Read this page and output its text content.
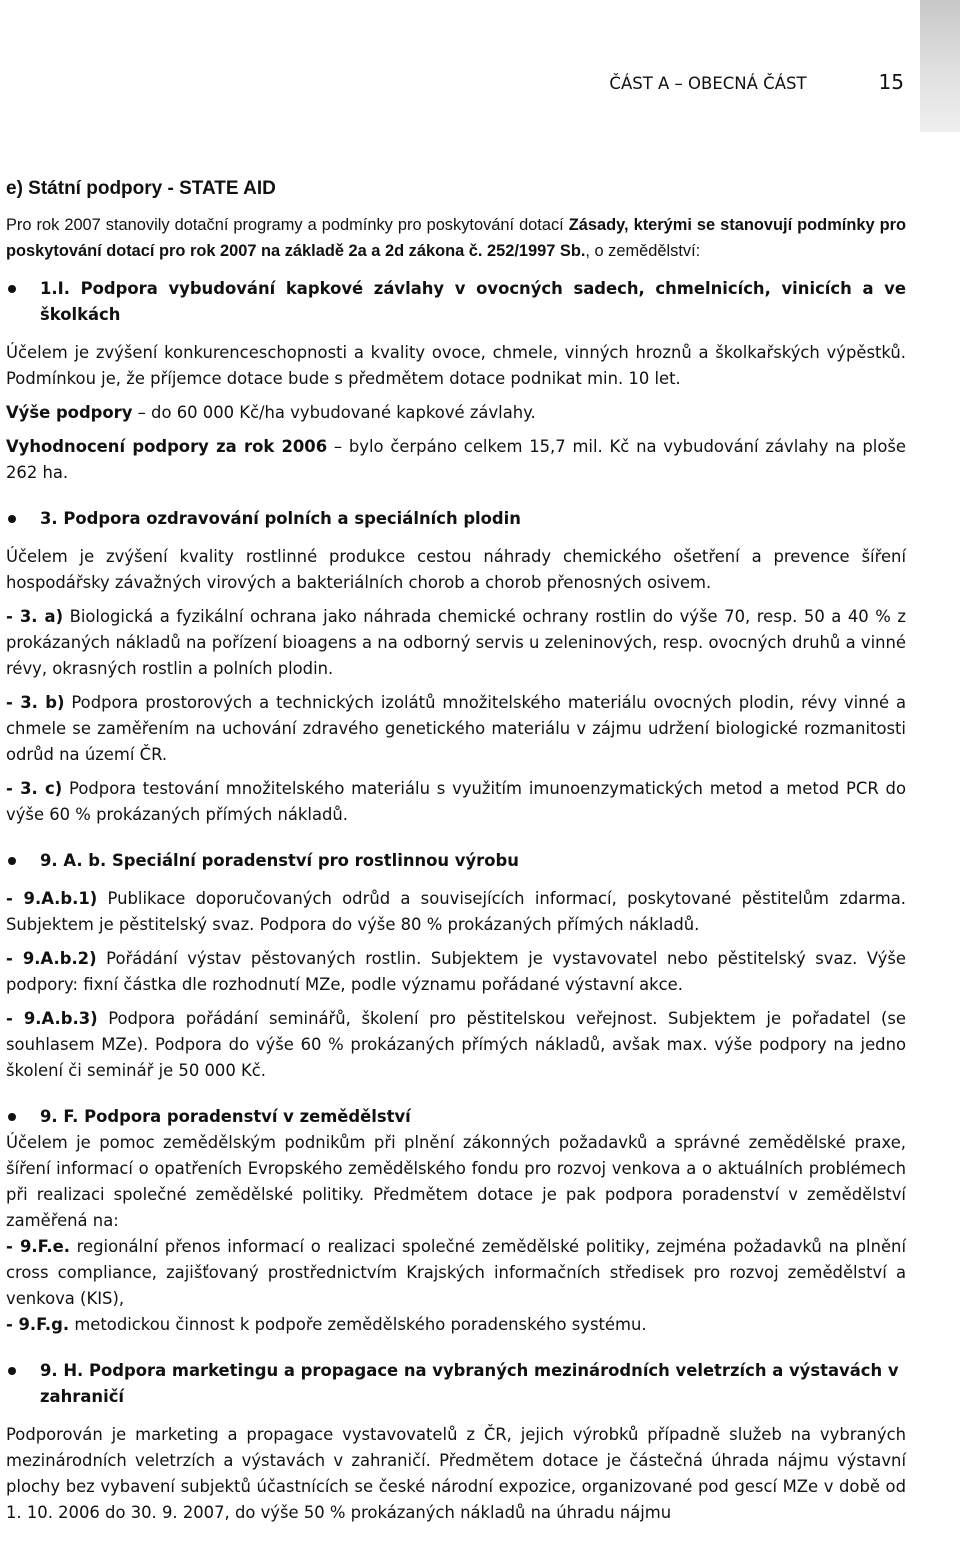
ČÁST A – OBECNÁ ČÁST	15

e) Státní podpory - STATE AID

Pro rok 2007 stanovily dotační programy a podmínky pro poskytování dotací Zásady, kterými se stanovují podmínky pro poskytování dotací pro rok 2007 na základě 2a a 2d zákona č. 252/1997 Sb., o zemědělství:

1.I. Podpora vybudování kapkové závlahy v ovocných sadech, chmelnicích, vinicích a ve školkách

Účelem je zvýšení konkurenceschopnosti a kvality ovoce, chmele, vinných hroznů a školkařských výpěstků. Podmínkou je, že příjemce dotace bude s předmětem dotace podnikat min. 10 let.

Výše podpory – do 60 000 Kč/ha vybudované kapkové závlahy.

Vyhodnocení podpory za rok 2006 – bylo čerpáno celkem 15,7 mil. Kč na vybudování závlahy na ploše 262 ha.

3. Podpora ozdravování polních a speciálních plodin

Účelem je zvýšení kvality rostlinné produkce cestou náhrady chemického ošetření a prevence šíření hospodářsky závažných virových a bakteriálních chorob a chorob přenosných osivem.

- 3. a) Biologická a fyzikální ochrana jako náhrada chemické ochrany rostlin do výše 70, resp. 50 a 40 % z prokázaných nákladů na pořízení bioagens a na odborný servis u zeleninových, resp. ovocných druhů a vinné révy, okrasných rostlin a polních plodin.

- 3. b) Podpora prostorových a technických izolátů množitelského materiálu ovocných plodin, révy vinné a chmele se zaměřením na uchování zdravého genetického materiálu v zájmu udržení biologické rozmanitosti odrůd na území ČR.

- 3. c) Podpora testování množitelského materiálu s využitím imunoenzymatických metod a metod PCR do výše 60 % prokázaných přímých nákladů.

9. A. b. Speciální poradenství pro rostlinnou výrobu

- 9.A.b.1) Publikace doporučovaných odrůd a souvisejících informací, poskytované pěstitelům zdarma. Subjektem je pěstitelský svaz. Podpora do výše 80 % prokázaných přímých nákladů.

- 9.A.b.2) Pořádání výstav pěstovaných rostlin. Subjektem je vystavovatel nebo pěstitelský svaz. Výše podpory: fixní částka dle rozhodnutí MZe, podle významu pořádané výstavní akce.

- 9.A.b.3) Podpora pořádání seminářů, školení pro pěstitelskou veřejnost. Subjektem je pořadatel (se souhlasem MZe). Podpora do výše 60 % prokázaných přímých nákladů, avšak max. výše podpory na jedno školení či seminář je 50 000 Kč.

9. F. Podpora poradenství v zemědělství

Účelem je pomoc zemědělským podnikům při plnění zákonných požadavků a správné zemědělské praxe, šíření informací o opatřeních Evropského zemědělského fondu pro rozvoj venkova a o aktuálních problémech při realizaci společné zemědělské politiky. Předmětem dotace je pak podpora poradenství v zemědělství zaměřená na:

- 9.F.e. regionální přenos informací o realizaci společné zemědělské politiky, zejména požadavků na plnění cross compliance, zajišťovaný prostřednictvím Krajských informačních středisek pro rozvoj zemědělství a venkova (KIS),

- 9.F.g. metodickou činnost k podpoře zemědělského poradenského systému.

9. H. Podpora marketingu a propagace na vybraných mezinárodních veletrzích a výstavách v zahraničí

Podporován je marketing a propagace vystavovatelů z ČR, jejich výrobků případně služeb na vybraných mezinárodních veletrzích a výstavách v zahraničí. Předmětem dotace je částečná úhrada nájmu výstavní plochy bez vybavení subjektů účastnících se české národní expozice, organizované pod gescí MZe v době od 1. 10. 2006 do 30. 9. 2007, do výše 50 % prokázaných nákladů na úhradu nájmu
